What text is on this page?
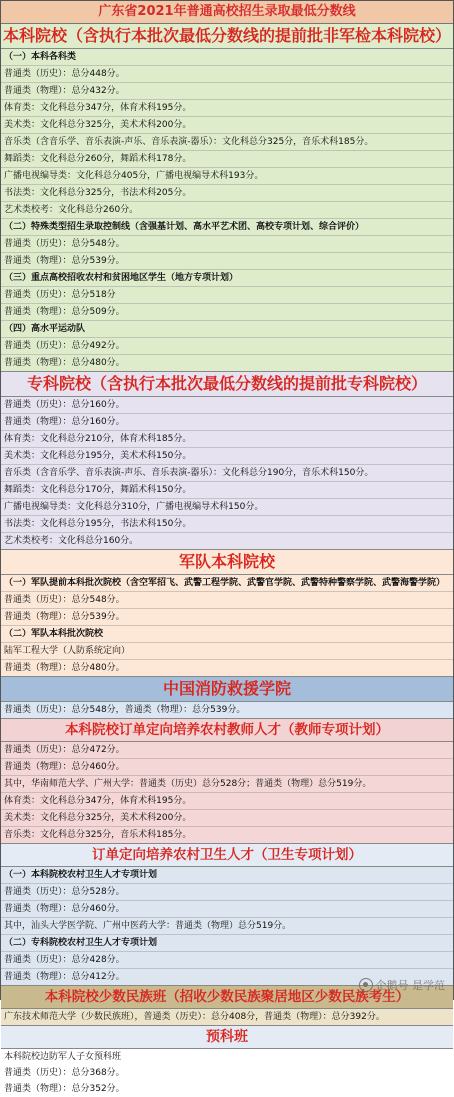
广东省2021年普通高校招生录取最低分数线
本科院校（含执行本批次最低分数线的提前批非军检本科院校）
（一）本科各科类
普通类（历史）：总分448分。
普通类（物理）：总分432分。
体育类：文化科总分347分，体育术科195分。
美术类：文化科总分325分，美术术科200分。
音乐类（含音乐学、音乐表演-声乐、音乐表演-器乐）：文化科总分325分，音乐术科185分。
舞蹈类：文化科总分260分，舞蹈术科178分。
广播电视编导类：文化科总分405分，广播电视编导术科193分。
书法类：文化科总分325分，书法术科205分。
艺术类校考：文化科总分260分。
（二）特殊类型招生录取控制线（含强基计划、高水平艺术团、高校专项计划、综合评价）
普通类（历史）：总分548分。
普通类（物理）：总分539分。
（三）重点高校招收农村和贫困地区学生（地方专项计划）
普通类（历史）：总分518分
普通类（物理）：总分509分。
（四）高水平运动队
普通类（历史）：总分492分。
普通类（物理）：总分480分。
专科院校（含执行本批次最低分数线的提前批专科院校）
普通类（历史）：总分160分。
普通类（物理）：总分160分。
体育类：文化科总分210分，体育术科185分。
美术类：文化科总分195分，美术术科150分。
音乐类（含音乐学、音乐表演-声乐、音乐表演-器乐）：文化科总分190分，音乐术科150分。
舞蹈类：文化科总分170分，舞蹈术科150分。
广播电视编导类：文化科总分310分，广播电视编导术科150分。
书法类：文化科总分195分，书法术科150分。
艺术类校考：文化科总分160分。
军队本科院校
（一）军队提前本科批次院校（含空军招飞、武警工程学院、武警官学院、武警特种警察学院、武警海警学院）
普通类（历史）：总分548分。
普通类（物理）：总分539分。
（二）军队本科批次院校
陆军工程大学（人防系统定向）
普通类（物理）：总分480分。
中国消防救援学院
普通类（历史）：总分548分，普通类（物理）：总分539分。
本科院校订单定向培养农村教师人才（教师专项计划）
普通类（历史）：总分472分。
普通类（物理）：总分460分。
其中，华南师范大学、广州大学：普通类（历史）总分528分；普通类（物理）总分519分。
体育类：文化科总分347分，体育术科195分。
美术类：文化科总分325分，美术术科200分。
音乐类：文化科总分325分，音乐术科185分。
订单定向培养农村卫生人才（卫生专项计划）
（一）本科院校农村卫生人才专项计划
普通类（历史）：总分528分。
普通类（物理）：总分460分。
其中，汕头大学医学院、广州中医药大学：普通类（物理）总分519分。
（二）专科院校农村卫生人才专项计划
普通类（历史）：总分428分。
普通类（物理）：总分412分。
本科院校少数民族班（招收少数民族聚居地区少数民族考生）
广东技术师范大学（少数民族班），普通类（历史）：总分408分，普通类（物理）：总分392分。
预科班
本科院校边防军人子女预科班
普通类（历史）：总分368分。
普通类（物理）：总分352分。
企鹅号 是学范
